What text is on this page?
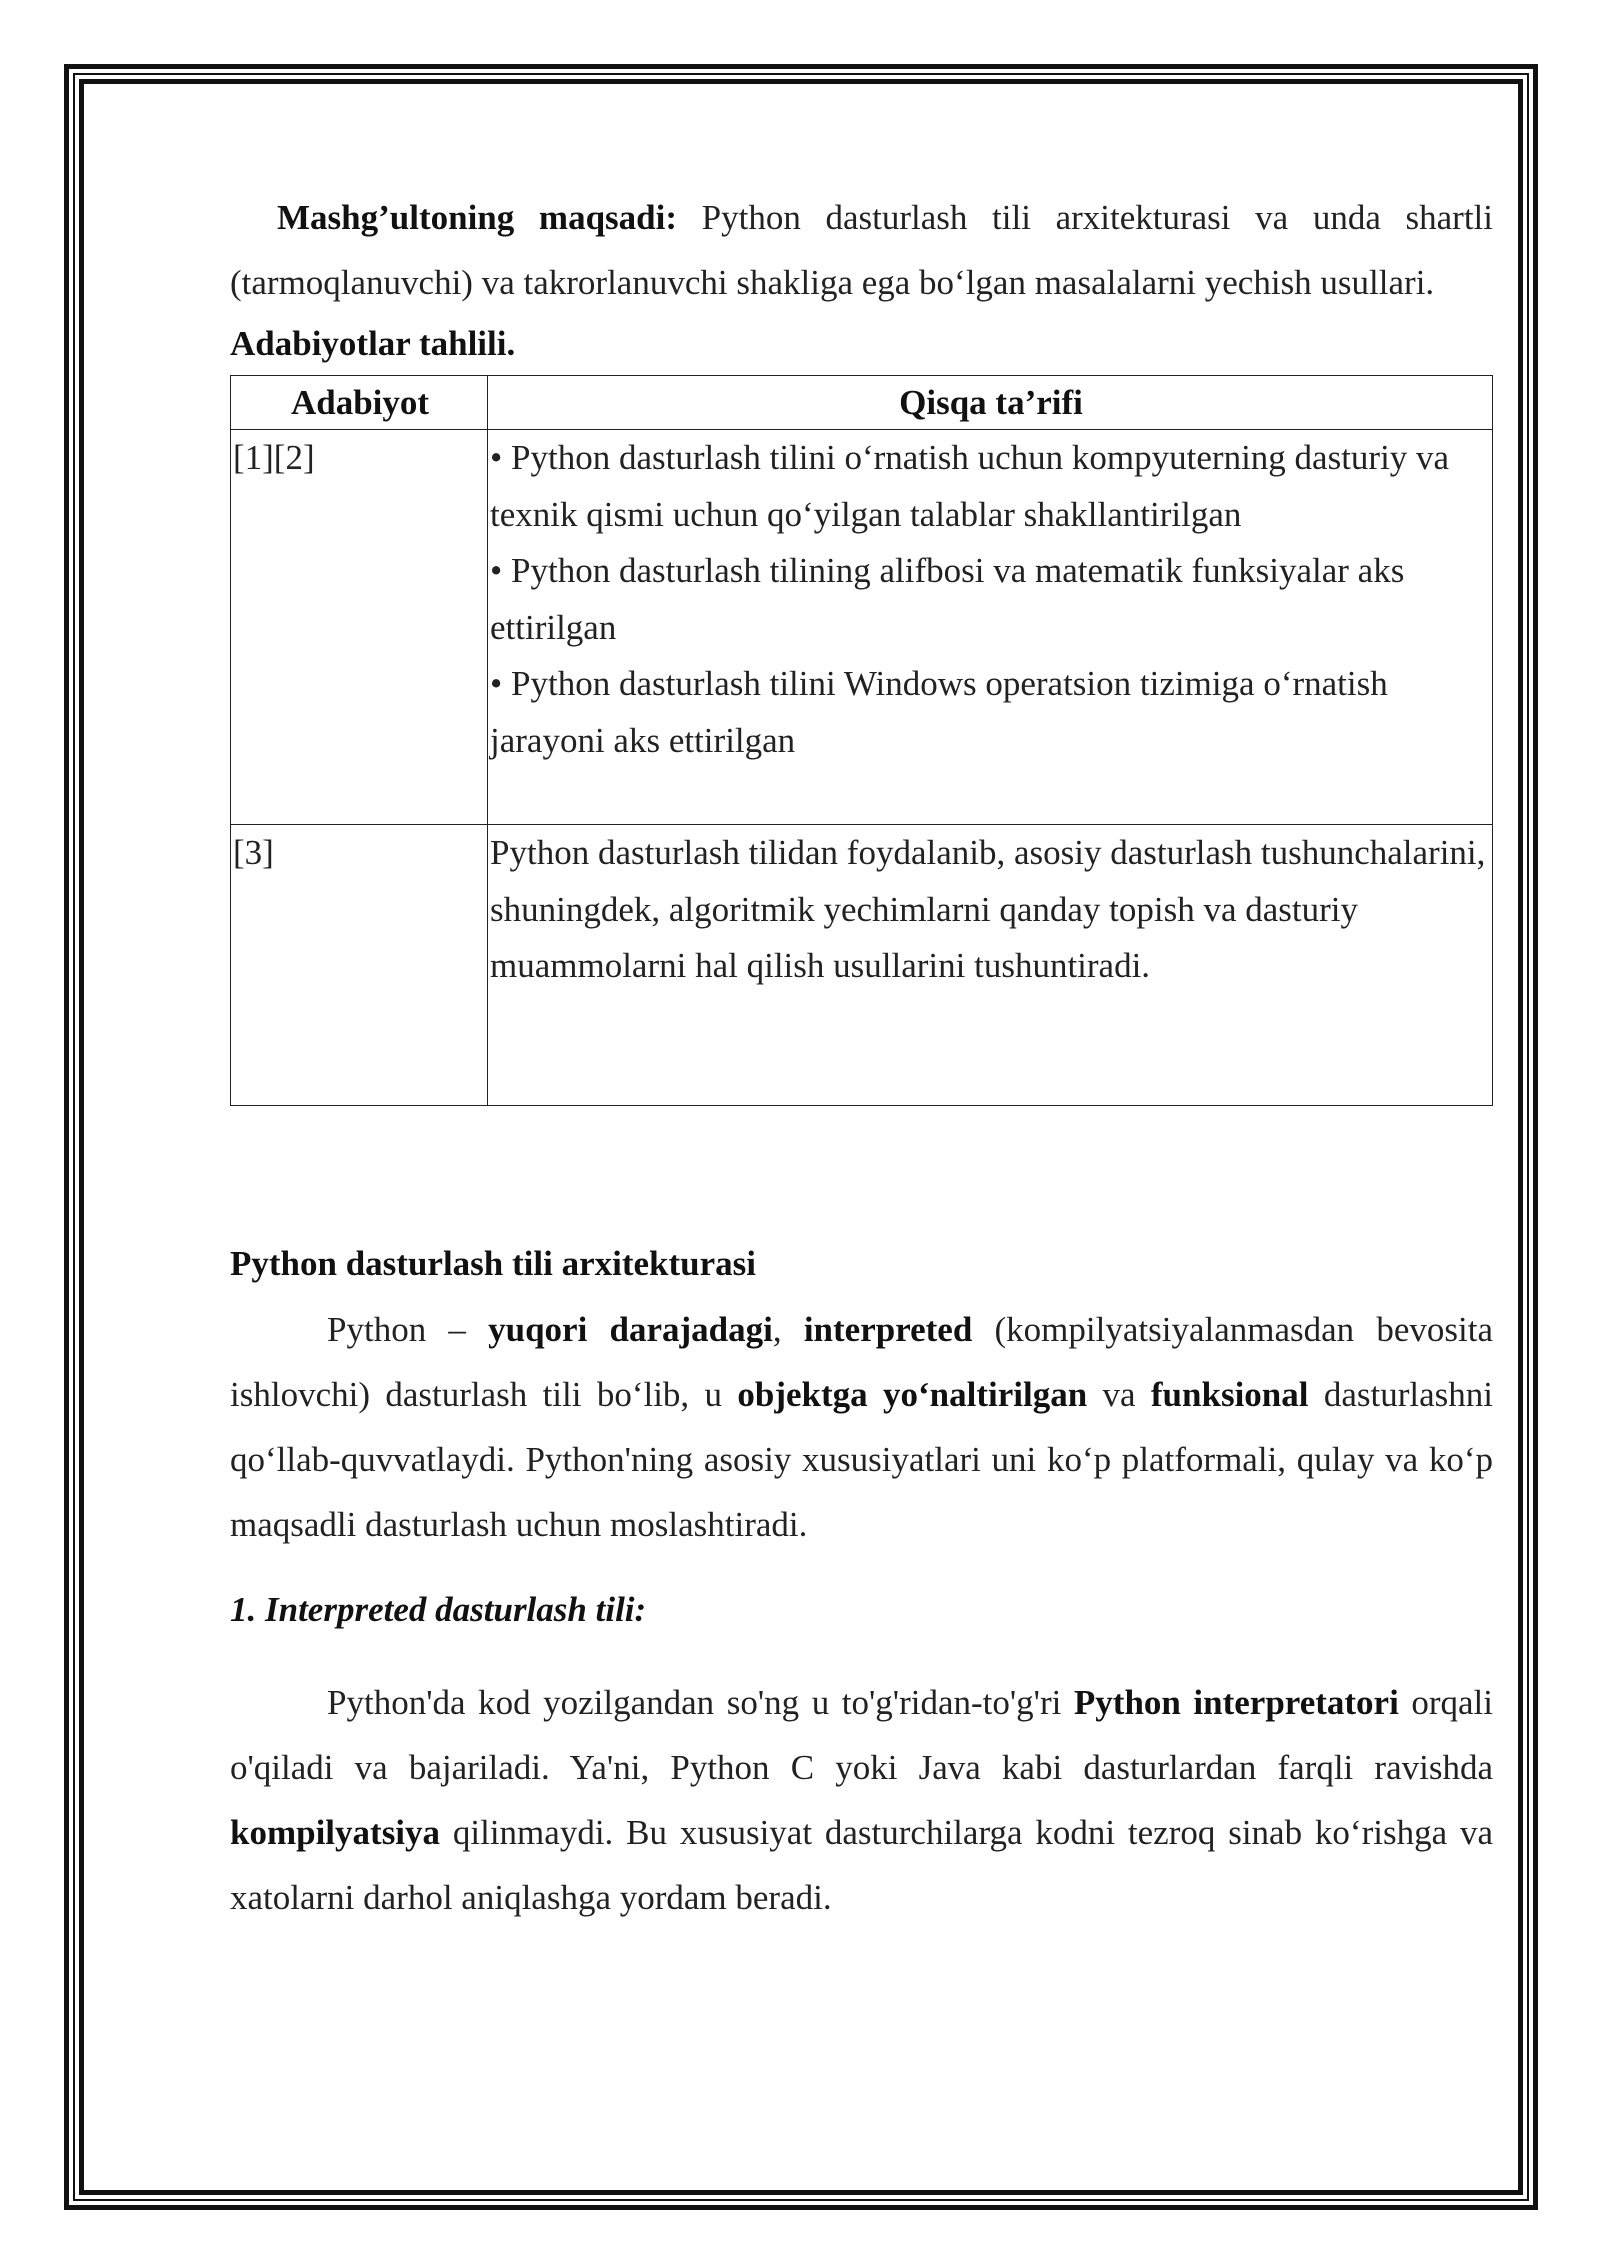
Mashg’ultoning maqsadi: Python dasturlash tili arxitekturasi va unda shartli (tarmoqlanuvchi) va takrorlanuvchi shakliga ega bo‘lgan masalalarni yechish usullari.

Adabiyotlar tahlili.
Adabiyot	Qisqa ta’rifi
[1][2]	• Python dasturlash tilini o‘rnatish uchun kompyuterning dasturiy va texnik qismi uchun qo‘yilgan talablar shakllantirilgan
• Python dasturlash tilining alifbosi va matematik funksiyalar aks ettirilgan
• Python dasturlash tilini Windows operatsion tizimiga o‘rnatish jarayoni aks ettirilgan

[3]	Python dasturlash tilidan foydalanib, asosiy dasturlash tushunchalarini, shuningdek, algoritmik yechimlarni qanday topish va dasturiy muammolarni hal qilish usullarini tushuntiradi.
Python dasturlash tili arxitekturasi

Python – yuqori darajadagi, interpreted (kompilyatsiyalanmasdan bevosita ishlovchi) dasturlash tili bo‘lib, u objektga yo‘naltirilgan va funksional dasturlashni qo‘llab-quvvatlaydi. Python'ning asosiy xususiyatlari uni ko‘p platformali, qulay va ko‘p maqsadli dasturlash uchun moslashtiradi.

1. Interpreted dasturlash tili:

Python'da kod yozilgandan so'ng u to'g'ridan-to'g'ri Python interpretatori orqali o'qiladi va bajariladi. Ya'ni, Python C yoki Java kabi dasturlardan farqli ravishda kompilyatsiya qilinmaydi. Bu xususiyat dasturchilarga kodni tezroq sinab ko‘rishga va xatolarni darhol aniqlashga yordam beradi.
